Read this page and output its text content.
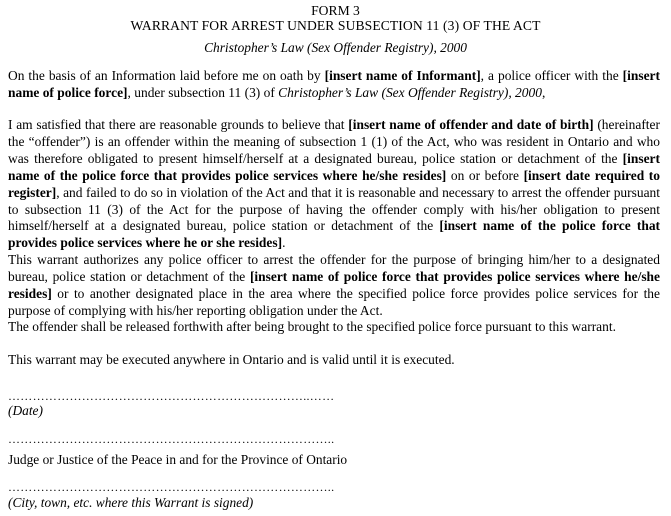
FORM 3
WARRANT FOR ARREST UNDER SUBSECTION 11 (3) OF THE ACT
Christopher’s Law (Sex Offender Registry), 2000
On the basis of an Information laid before me on oath by [insert name of Informant], a police officer with the [insert name of police force], under subsection 11 (3) of Christopher’s Law (Sex Offender Registry), 2000,
I am satisfied that there are reasonable grounds to believe that [insert name of offender and date of birth] (hereinafter the “offender”) is an offender within the meaning of subsection 1 (1) of the Act, who was resident in Ontario and who was therefore obligated to present himself/herself at a designated bureau, police station or detachment of the [insert name of the police force that provides police services where he/she resides] on or before [insert date required to register], and failed to do so in violation of the Act and that it is reasonable and necessary to arrest the offender pursuant to subsection 11 (3) of the Act for the purpose of having the offender comply with his/her obligation to present himself/herself at a designated bureau, police station or detachment of the [insert name of the police force that provides police services where he or she resides].
This warrant authorizes any police officer to arrest the offender for the purpose of bringing him/her to a designated bureau, police station or detachment of the [insert name of police force that provides police services where he/she resides] or to another designated place in the area where the specified police force provides police services for the purpose of complying with his/her reporting obligation under the Act.
The offender shall be released forthwith after being brought to the specified police force pursuant to this warrant.
This warrant may be executed anywhere in Ontario and is valid until it is executed.
………………………………………………………………..……
(Date)
……………………………………………………………………..
Judge or Justice of the Peace in and for the Province of Ontario
……………………………………………………………………..
(City, town, etc. where this Warrant is signed)
